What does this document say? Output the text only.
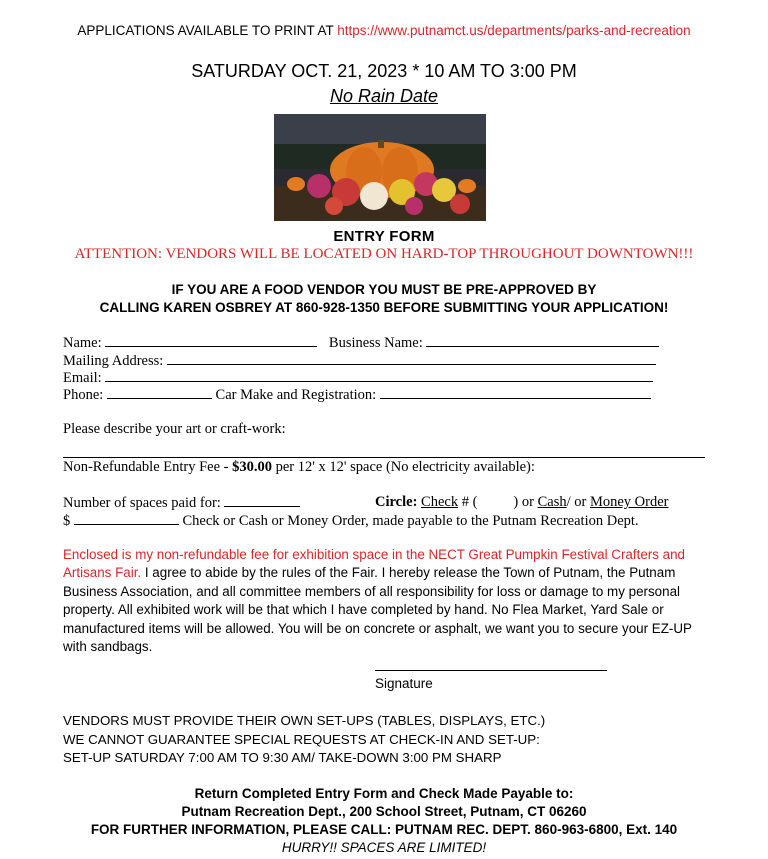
APPLICATIONS AVAILABLE TO PRINT AT https://www.putnamct.us/departments/parks-and-recreation
SATURDAY OCT. 21, 2023 * 10 AM TO 3:00 PM
No Rain Date
ENTRY FORM
ATTENTION: VENDORS WILL BE LOCATED ON HARD-TOP THROUGHOUT DOWNTOWN!!!
IF YOU ARE A FOOD VENDOR YOU MUST BE PRE-APPROVED BY
CALLING KAREN OSBREY AT 860-928-1350 BEFORE SUBMITTING YOUR APPLICATION!
Name:	Business Name:
Mailing Address:
Email:
Phone:	Car Make and Registration:
Please describe your art or craft-work:
Non-Refundable Entry Fee - $30.00 per 12' x 12' space (No electricity available):
Number of spaces paid for:	Circle: Check # ( ) or Cash/ or Money Order
$	Check or Cash or Money Order, made payable to the Putnam Recreation Dept.
Enclosed is my non-refundable fee for exhibition space in the NECT Great Pumpkin Festival Crafters and Artisans Fair. I agree to abide by the rules of the Fair. I hereby release the Town of Putnam, the Putnam Business Association, and all committee members of all responsibility for loss or damage to my personal property. All exhibited work will be that which I have completed by hand. No Flea Market, Yard Sale or manufactured items will be allowed. You will be on concrete or asphalt, we want you to secure your EZ-UP with sandbags.
Signature
VENDORS MUST PROVIDE THEIR OWN SET-UPS (TABLES, DISPLAYS, ETC.)
WE CANNOT GUARANTEE SPECIAL REQUESTS AT CHECK-IN AND SET-UP:
SET-UP SATURDAY 7:00 AM TO 9:30 AM/ TAKE-DOWN 3:00 PM SHARP
Return Completed Entry Form and Check Made Payable to:
Putnam Recreation Dept., 200 School Street, Putnam, CT 06260
FOR FURTHER INFORMATION, PLEASE CALL: PUTNAM REC. DEPT. 860-963-6800, Ext. 140
HURRY!! SPACES ARE LIMITED!
